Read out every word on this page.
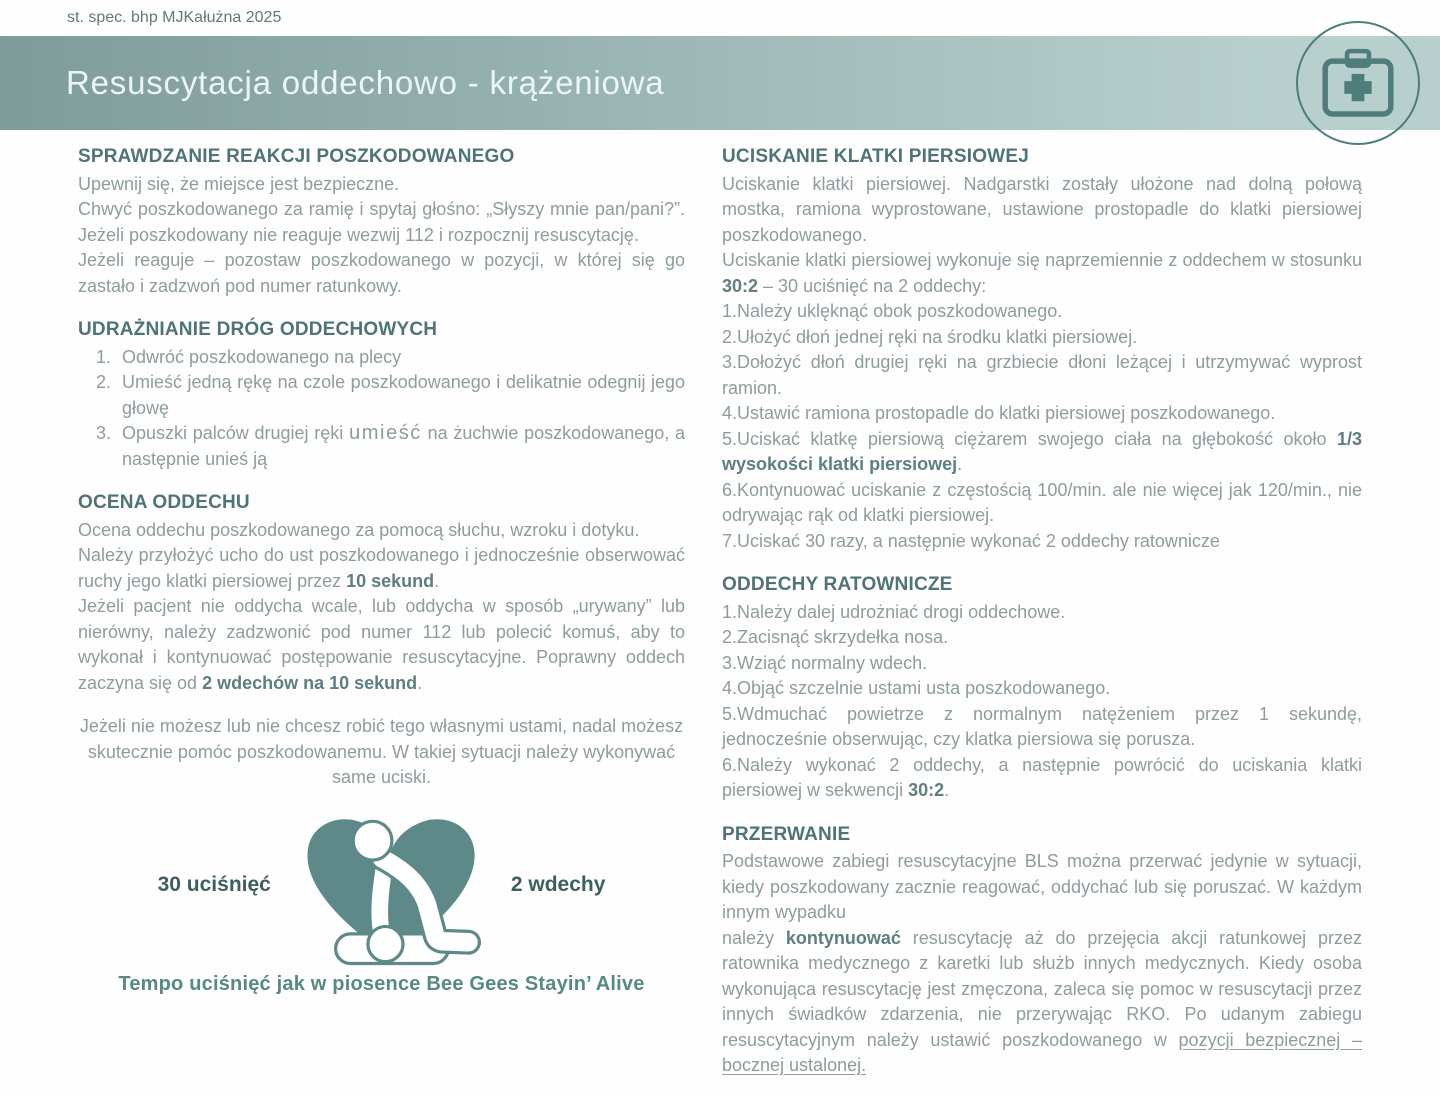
st. spec. bhp MJKałużna 2025
Resuscytacja oddechowo - krążeniowa
SPRAWDZANIE REAKCJI POSZKODOWANEGO

Upewnij się, że miejsce jest bezpieczne.

Chwyć poszkodowanego za ramię i spytaj głośno: „Słyszy mnie pan/pani?”. Jeżeli poszkodowany nie reaguje wezwij 112 i rozpocznij resuscytację.

Jeżeli reaguje – pozostaw poszkodowanego w pozycji, w której się go zastało i zadzwoń pod numer ratunkowy.

UDRAŻNIANIE DRÓG ODDECHOWYCH
1. Odwróć poszkodowanego na plecy
2. Umieść jedną rękę na czole poszkodowanego i delikatnie odegnij jego głowę
3. Opuszki palców drugiej ręki umieść na żuchwie poszkodowanego, a następnie unieś ją
OCENA ODDECHU

Ocena oddechu poszkodowanego za pomocą słuchu, wzroku i dotyku.

Należy przyłożyć ucho do ust poszkodowanego i jednocześnie obserwować ruchy jego klatki piersiowej przez 10 sekund.

Jeżeli pacjent nie oddycha wcale, lub oddycha w sposób „urywany” lub nierówny, należy zadzwonić pod numer 112 lub polecić komuś, aby to wykonał i kontynuować postępowanie resuscytacyjne. Poprawny oddech zaczyna się od 2 wdechów na 10 sekund.

Jeżeli nie możesz lub nie chcesz robić tego własnymi ustami, nadal możesz skutecznie pomóc poszkodowanemu. W takiej sytuacji należy wykonywać same uciski.

30 uciśnięć	2 wdechy
Tempo uciśnięć jak w piosence Bee Gees Stayin’ Alive
UCISKANIE KLATKI PIERSIOWEJ

Uciskanie klatki piersiowej. Nadgarstki zostały ułożone nad dolną połową mostka, ramiona wyprostowane, ustawione prostopadle do klatki piersiowej poszkodowanego.

Uciskanie klatki piersiowej wykonuje się naprzemiennie z oddechem w stosunku 30:2 – 30 uciśnięć na 2 oddechy:

1.Należy uklęknąć obok poszkodowanego.

2.Ułożyć dłoń jednej ręki na środku klatki piersiowej.

3.Dołożyć dłoń drugiej ręki na grzbiecie dłoni leżącej i utrzymywać wyprost ramion.

4.Ustawić ramiona prostopadle do klatki piersiowej poszkodowanego.

5.Uciskać klatkę piersiową ciężarem swojego ciała na głębokość około 1/3 wysokości klatki piersiowej.

6.Kontynuować uciskanie z częstością 100/min. ale nie więcej jak 120/min., nie odrywając rąk od klatki piersiowej.

7.Uciskać 30 razy, a następnie wykonać 2 oddechy ratownicze

ODDECHY RATOWNICZE

1.Należy dalej udrożniać drogi oddechowe.

2.Zacisnąć skrzydełka nosa.

3.Wziąć normalny wdech.

4.Objąć szczelnie ustami usta poszkodowanego.

5.Wdmuchać powietrze z normalnym natężeniem przez 1 sekundę, jednocześnie obserwując, czy klatka piersiowa się porusza.

6.Należy wykonać 2 oddechy, a następnie powrócić do uciskania klatki piersiowej w sekwencji 30:2.

PRZERWANIE

Podstawowe zabiegi resuscytacyjne BLS można przerwać jedynie w sytuacji, kiedy poszkodowany zacznie reagować, oddychać lub się poruszać. W każdym innym wypadku
należy kontynuować resuscytację aż do przejęcia akcji ratunkowej przez ratownika medycznego z karetki lub służb innych medycznych. Kiedy osoba wykonująca resuscytację jest zmęczona, zaleca się pomoc w resuscytacji przez innych świadków zdarzenia, nie przerywając RKO. Po udanym zabiegu resuscytacyjnym należy ustawić poszkodowanego w pozycji bezpiecznej – bocznej ustalonej.
